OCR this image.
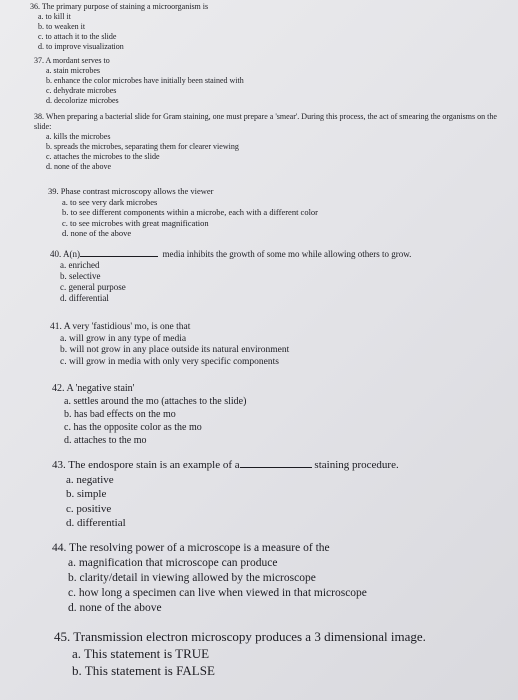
36. The primary purpose of staining a microorganism is
a. to kill it
b. to weaken it
c. to attach it to the slide
d. to improve visualization
37. A mordant serves to
a. stain microbes
b. enhance the color microbes have initially been stained with
c. dehydrate microbes
d. decolorize microbes
38. When preparing a bacterial slide for Gram staining, one must prepare a 'smear'. During this process, the act of smearing the organisms on the slide:
a. kills the microbes
b. spreads the microbes, separating them for clearer viewing
c. attaches the microbes to the slide
d. none of the above
39. Phase contrast microscopy allows the viewer
a. to see very dark microbes
b. to see different components within a microbe, each with a different color
c. to see microbes with great magnification
d. none of the above
40. A(n)	media inhibits the growth of some mo while allowing others to grow.
a. enriched
b. selective
c. general purpose
d. differential
41. A very 'fastidious' mo, is one that
a. will grow in any type of media
b. will not grow in any place outside its natural environment
c. will grow in media with only very specific components
42. A 'negative stain'
a. settles around the mo (attaches to the slide)
b. has bad effects on the mo
c. has the opposite color as the mo
d. attaches to the mo
43. The endospore stain is an example of a	staining procedure.
a. negative
b. simple
c. positive
d. differential
44. The resolving power of a microscope is a measure of the
a. magnification that microscope can produce
b. clarity/detail in viewing allowed by the microscope
c. how long a specimen can live when viewed in that microscope
d. none of the above
45. Transmission electron microscopy produces a 3 dimensional image.
a. This statement is TRUE
b. This statement is FALSE
